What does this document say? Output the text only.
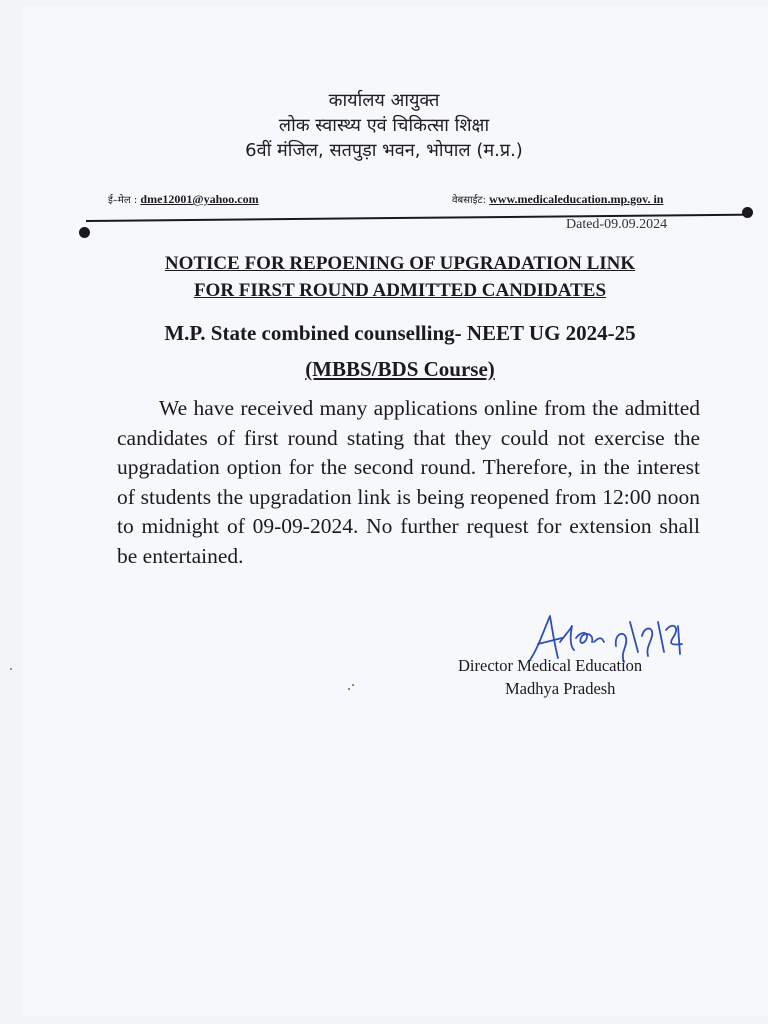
कार्यालय आयुक्त
लोक स्वास्थ्य एवं चिकित्सा शिक्षा
6वीं मंजिल, सतपुड़ा भवन, भोपाल (म.प्र.)
ई–मेल : dme12001@yahoo.com	वेबसाईट: www.medicaleducation.mp.gov. in
Dated-09.09.2024
NOTICE FOR REPOENING OF UPGRADATION LINK
FOR FIRST ROUND ADMITTED CANDIDATES
M.P. State combined counselling- NEET UG 2024-25
(MBBS/BDS Course)
We have received many applications online from the admitted candidates of first round stating that they could not exercise the upgradation option for the second round. Therefore, in the interest of students the upgradation link is being reopened from 12:00 noon to midnight of 09-09-2024. No further request for extension shall be entertained.
Director Medical Education
Madhya Pradesh
